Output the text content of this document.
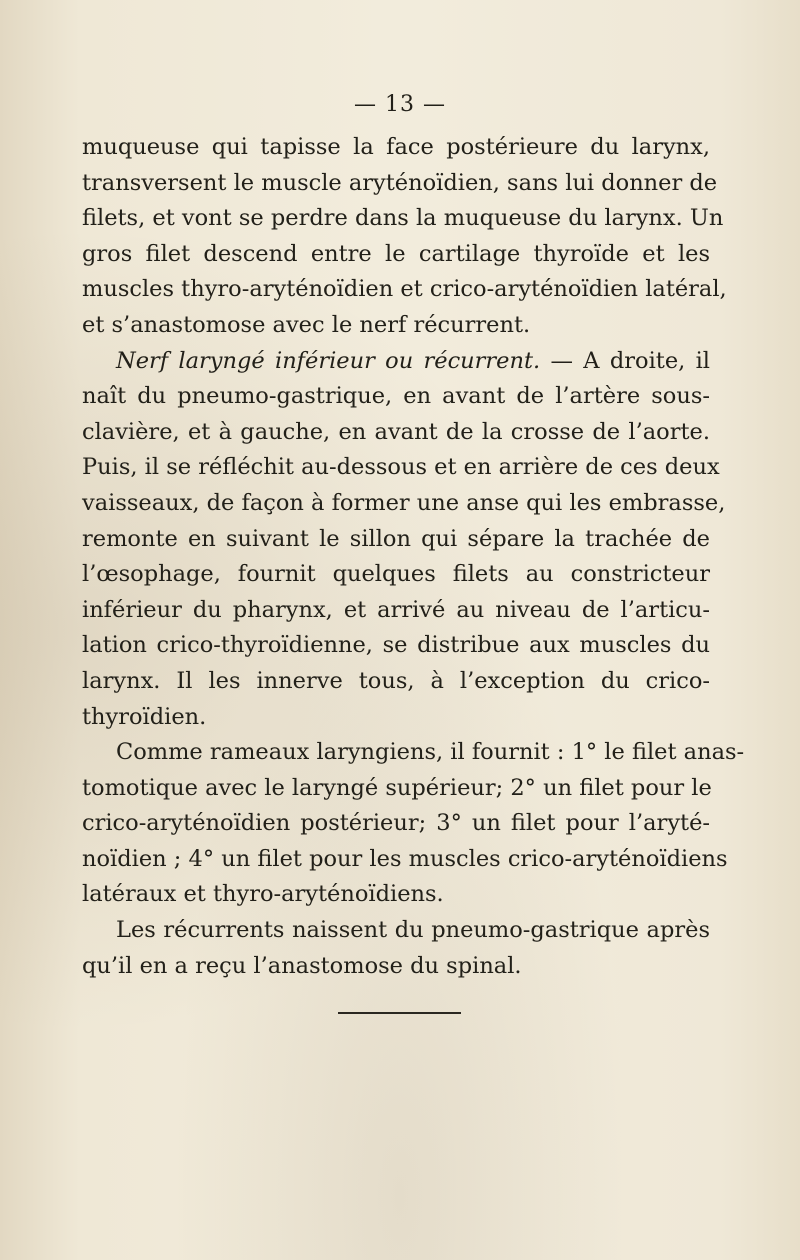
— 13 —

muqueuse qui tapisse la face postérieure du larynx,
transversent le muscle aryténoïdien, sans lui donner de
filets, et vont se perdre dans la muqueuse du larynx. Un
gros filet descend entre le cartilage thyroïde et les
muscles thyro-aryténoïdien et crico-aryténoïdien latéral,
et s’anastomose avec le nerf récurrent.

Nerf laryngé inférieur ou récurrent. — A droite, il
naît du pneumo-gastrique, en avant de l’artère sous-
clavière, et à gauche, en avant de la crosse de l’aorte.
Puis, il se réfléchit au-dessous et en arrière de ces deux
vaisseaux, de façon à former une anse qui les embrasse,
remonte en suivant le sillon qui sépare la trachée de
l’œsophage, fournit quelques filets au constricteur
inférieur du pharynx, et arrivé au niveau de l’articu-
lation crico-thyroïdienne, se distribue aux muscles du
larynx. Il les innerve tous, à l’exception du crico-
thyroïdien.

Comme rameaux laryngiens, il fournit : 1° le filet anas-
tomotique avec le laryngé supérieur; 2° un filet pour le
crico-aryténoïdien postérieur; 3° un filet pour l’aryté-
noïdien ; 4° un filet pour les muscles crico-aryténoïdiens
latéraux et thyro-aryténoïdiens.

Les récurrents naissent du pneumo-gastrique après
qu’il en a reçu l’anastomose du spinal.
